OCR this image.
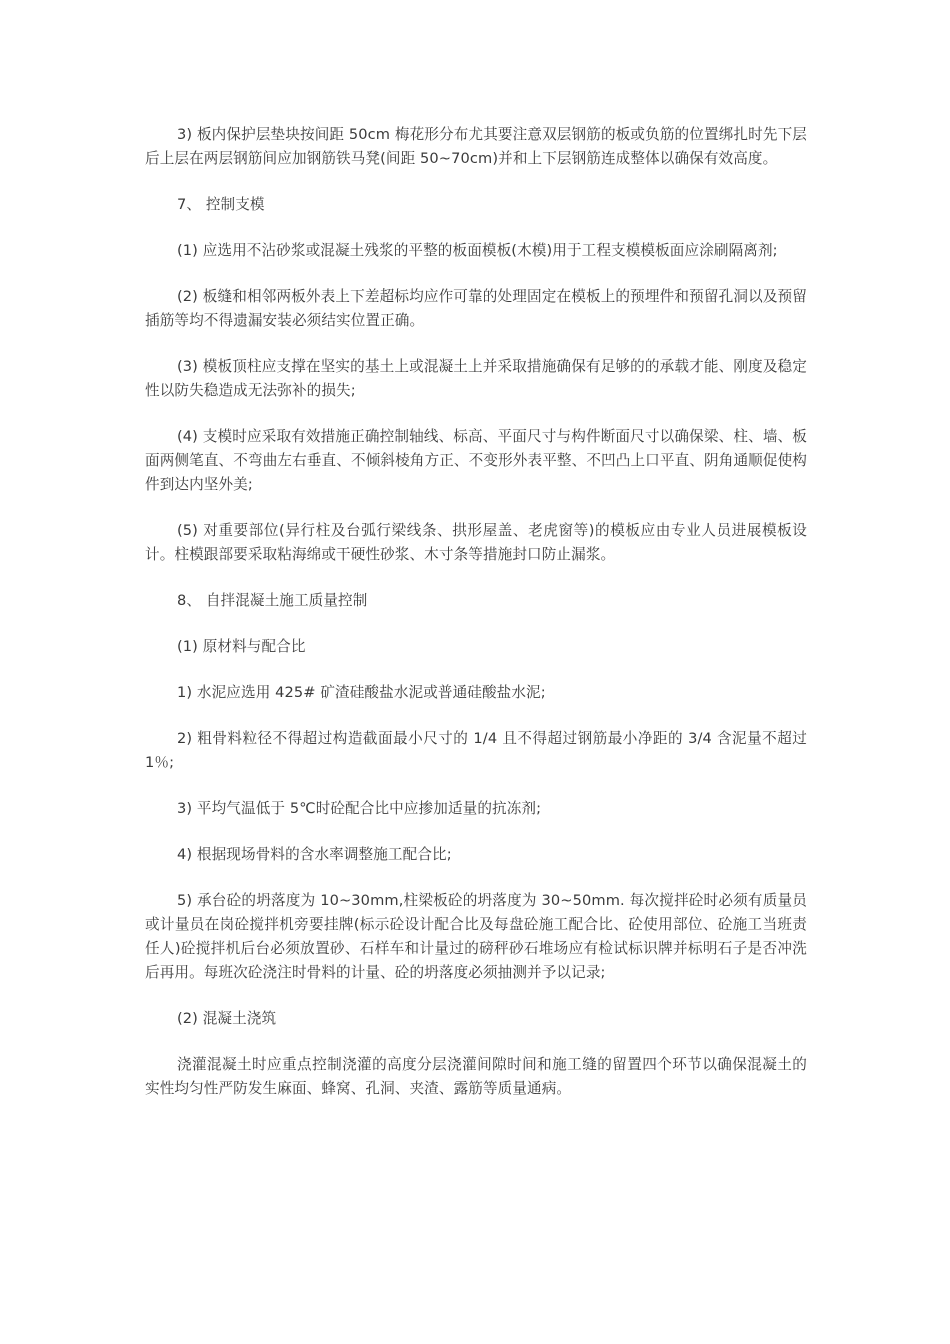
3) 板内保护层垫块按间距 50cm 梅花形分布尤其要注意双层钢筋的板或负筋的位置绑扎时先下层后上层在两层钢筋间应加钢筋铁马凳(间距 50~70cm)并和上下层钢筋连成整体以确保有效高度。

7、 控制支模

(1) 应选用不沾砂浆或混凝土残浆的平整的板面模板(木模)用于工程支模模板面应涂刷隔离剂;

(2) 板缝和相邻两板外表上下差超标均应作可靠的处理固定在模板上的预埋件和预留孔洞以及预留插筋等均不得遗漏安装必须结实位置正确。

(3) 模板顶柱应支撑在坚实的基土上或混凝土上并采取措施确保有足够的的承载才能、刚度及稳定性以防失稳造成无法弥补的损失;

(4) 支模时应采取有效措施正确控制轴线、标高、平面尺寸与构件断面尺寸以确保梁、柱、墙、板面两侧笔直、不弯曲左右垂直、不倾斜棱角方正、不变形外表平整、不凹凸上口平直、阴角通顺促使构件到达内坚外美;

(5) 对重要部位(异行柱及台弧行梁线条、拱形屋盖、老虎窗等)的模板应由专业人员进展模板设计。柱模跟部要采取粘海绵或干硬性砂浆、木寸条等措施封口防止漏浆。

8、 自拌混凝土施工质量控制

(1) 原材料与配合比

1) 水泥应选用 425# 矿渣硅酸盐水泥或普通硅酸盐水泥;

2) 粗骨料粒径不得超过构造截面最小尺寸的 1/4 且不得超过钢筋最小净距的 3/4 含泥量不超过 1％;

3) 平均气温低于 5℃时砼配合比中应掺加适量的抗冻剂;

4) 根据现场骨料的含水率调整施工配合比;

5) 承台砼的坍落度为 10~30mm,柱梁板砼的坍落度为 30~50mm. 每次搅拌砼时必须有质量员或计量员在岗砼搅拌机旁要挂牌(标示砼设计配合比及每盘砼施工配合比、砼使用部位、砼施工当班责任人)砼搅拌机后台必须放置砂、石样车和计量过的磅秤砂石堆场应有检试标识牌并标明石子是否冲洗后再用。每班次砼浇注时骨料的计量、砼的坍落度必须抽测并予以记录;

(2) 混凝土浇筑

浇灌混凝土时应重点控制浇灌的高度分层浇灌间隙时间和施工缝的留置四个环节以确保混凝土的实性均匀性严防发生麻面、蜂窝、孔洞、夹渣、露筋等质量通病。
